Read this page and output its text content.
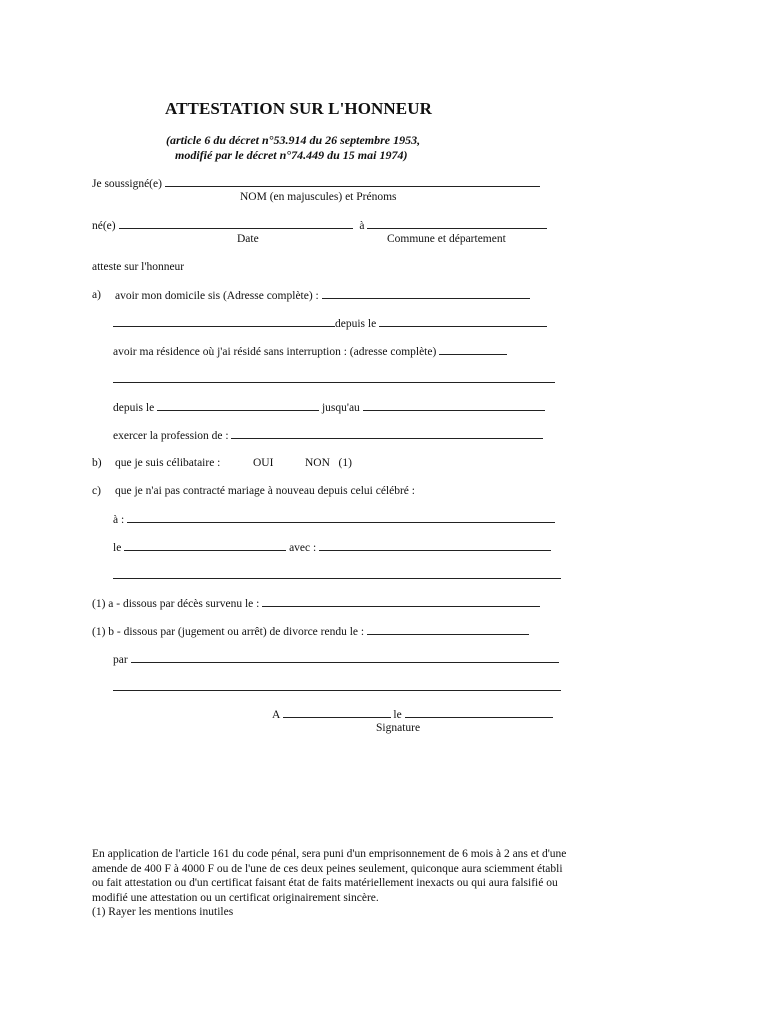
ATTESTATION SUR L'HONNEUR
(article 6 du décret n°53.914 du 26 septembre 1953,
modifié par le décret n°74.449 du 15 mai 1974)
Je soussigné(e)
NOM (en majuscules) et Prénoms
né(e)	à
Date	Commune et département
atteste sur l'honneur
a) avoir mon domicile sis (Adresse complète) :
depuis le
avoir ma résidence où j'ai résidé sans interruption : (adresse complète)
depuis le	jusqu'au
exercer la profession de :
b) que je suis célibataire :	OUI	NON   (1)
c) que je n'ai pas contracté mariage à nouveau depuis celui célébré :
à :
le	avec :
(1) a - dissous par décès survenu le :
(1) b - dissous par (jugement ou arrêt) de divorce rendu le :
par
A	le
Signature
En application de l'article 161 du code pénal, sera puni d'un emprisonnement de 6 mois à 2 ans et d'une
amende de 400 F à 4000 F ou de l'une de ces deux peines seulement, quiconque aura sciemment établi
ou fait attestation ou d'un certificat faisant état de faits matériellement inexacts ou qui aura falsifié ou
modifié une attestation ou un certificat originairement sincère.
(1) Rayer les mentions inutiles
